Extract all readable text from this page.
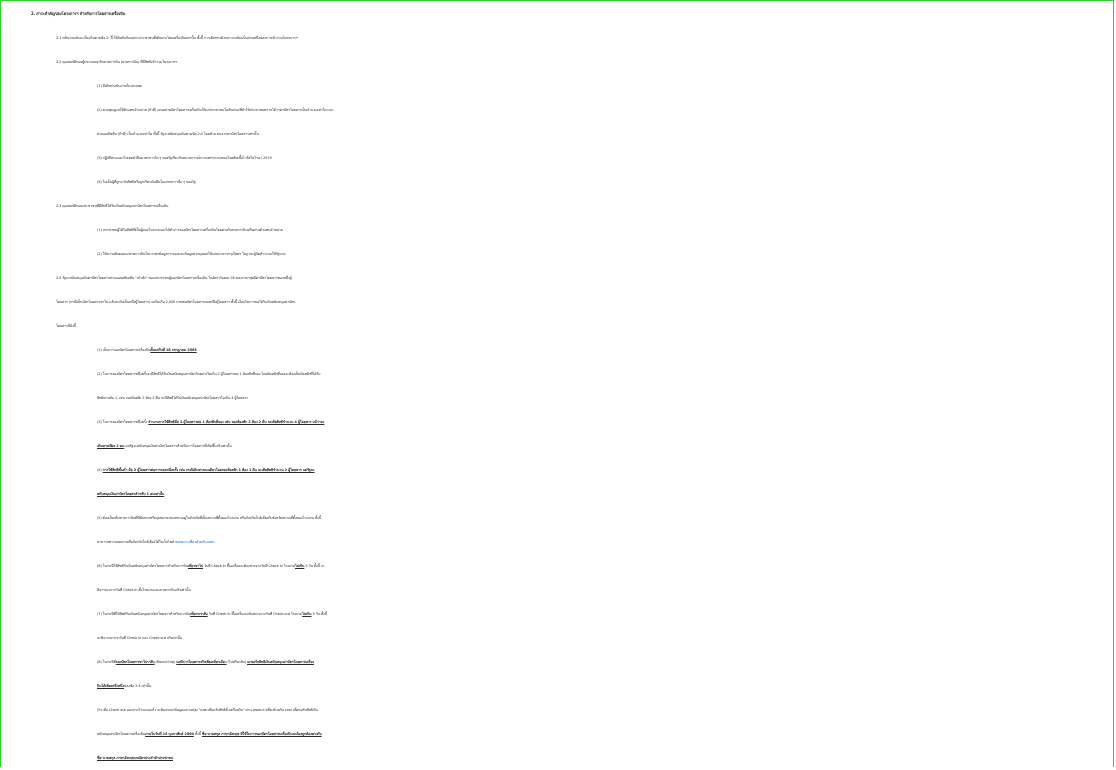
2. สาระสำคัญของโครงการฯ สำหรับการโดยสารเครื่องบิน
2.1 หลักเกณฑ์และเงื่อนไขตามข้อ 2. นี้ ใช้บังคับกับเฉพาะประชาชนที่เดินทางโดยเครื่องบินเท่านั้น ทั้งนี้ การเดินทางดังกล่าวจะต้องเป็นส่วนหนึ่งของการเข้าร่วมโครงการฯ
2.2 คุณสมบัติของผู้ประกอบธุรกิจสายการบิน (สายการบิน) ที่มีสิทธิเข้าร่วมโครงการฯ
(1) มีเส้นทางบินภายในประเทศ
(2) ควบคุมดูแลให้ตัวแทนจำหน่าย (ถ้ามี) เสนอขายบัตรโดยสารเครื่องบินให้แก่ประชาชนในลักษณะที่ทำให้ประชาชนทราบได้ว่าค่าบัตรโดยสารเป็นจำนวนเท่าใด และ
ค่าคอมมิชชั่น (ถ้ามี) เป็นจำนวนเท่าใด ทั้งนี้ รัฐจะสนับสนุนเงินตามข้อ 2.4 โดยคำนวณจากค่าบัตรโดยสารเท่านั้น
(3) ปฏิบัติตามและไม่เคยฝ่าฝืนมาตรการใด ๆ ของรัฐเกี่ยวกับสถานการณ์การแพร่ระบาดของโรคติดเชื้อไวรัสโคโรนา 2019
(4) ไม่เป็นผู้ที่ถูกระงับสิทธิหรือถูกเรียกเงินคืนในมาตรการอื่น ๆ ของรัฐ
2.3 คุณสมบัติของประชาชนที่มีสิทธิได้รับเงินสนับสนุนค่าบัตรโดยสารเครื่องบิน
(1) ประชาชนผู้ได้รับสิทธิที่เป็นผู้จองโรงแรมและได้ทำการจองบัตรโดยสารเครื่องบินโดยตรงกับสายการบินหรือผ่านตัวแทนจำหน่าย
(2) ให้ความยินยอมแก่สายการบินในการส่งข้อมูลการจองและข้อมูลส่วนบุคคลให้แก่ธนาคารกรุงไทยฯ ในฐานะผู้จัดทำระบบให้รัฐบาล
2.4 รัฐจะสนับสนุนเงินค่าบัตรโดยสารผ่านแอปพลิเคชั่น “เป๋าตัง” ของประชาชนผู้จองบัตรโดยสารเครื่องบิน ในอัตราร้อยละ 40 ของราคาสุทธิค่าบัตรโดยสารของหนึ่งผู้
โดยสาร (กรณีเป็นบัตรโดยสารขาไป-กลับจะนับเป็นหนึ่งผู้โดยสาร) แต่ไม่เกิน 2,000 บาทต่อบัตรโดยสารของหนึ่งผู้โดยสาร ทั้งนี้ เงื่อนไขการขอได้รับเงินสนับสนุนค่าบัตร
โดยสารมีดังนี้
(1) เป็นการจองบัตรโดยสารเครื่องบินตั้งแต่วันที่ 18 กรกฎาคม 2563
(2) ในการจองบัตรโดยสารหนึ่งครั้งจะมีสิทธิได้รับเงินสนับสนุนค่าบัตรโดยสารไม่เกิน 2 ผู้โดยสารต่อ 1 ห้องพักที่จอง โดยห้องพักที่จองจะต้องเป็นห้องพักที่ได้รับ
สิทธิตามข้อ 1. เช่น จองห้องพัก 2 ห้อง 2 คืน จะมีสิทธิได้รับเงินสนับสนุนค่าบัตรโดยสารไม่เกิน 4 ผู้โดยสาร
(3) ในการจองบัตรโดยสารหนึ่งครั้ง จำนวนการใช้สิทธิคือ 2 ผู้โดยสารต่อ 1 ห้องพักที่จอง เช่น จองห้องพัก 2 ห้อง 2 คืน จะเสียสิทธิจำนวน 4 ผู้โดยสาร แม้ว่าจะ
เดินทางเพียง 2 คน แต่รัฐจะสนับสนุนเงินค่าบัตรโดยสารสำหรับการโดยสารที่เกิดขึ้นจริงเท่านั้น
(4) การใช้สิทธิขั้นต่ำ คือ 2 ผู้โดยสารต่อการจองหนึ่งครั้ง เช่น กรณีเดินทางคนเดียวโดยจองห้องพัก 1 ห้อง 1 คืน จะเสียสิทธิจำนวน 2 ผู้โดยสาร แต่รัฐจะ
สนับสนุนเงินค่าบัตรโดยสาสำหรับ 1 คนเท่านั้น
(5) ต้องเป็นเส้นทางการบินที่มีต้นทางหรือจุดหมายปลายทางอยู่ในจังหวัดที่เป็นสถานที่ตั้งของโรงแรม หรือจังหวัดใกล้เคียงกับจังหวัดสถานที่ตั้งของโรงแรม ทั้งนี้
สามารถตรวจสอบรายชื่อจังหวัดใกล้เคียงได้ในเว็บไซต์ www.เราเที่ยวด้วยกัน.com
(6) ในกรณีใช้สิทธิรับเงินสนับสนุนค่าบัตรโดยสารสำหรับการบินเที่ยวขาไป วันที่ Check in ขึ้นเครื่องจะต้องห่างจากวันที่ Check in โรงแรมไม่เกิน 5 วัน ทั้งนี้ จะ
พิจารณาจากวันที่ Check in ทั้งโรงแรมและสายการบินจริงเท่านั้น
(7) ในกรณีที่ใช้สิทธิรับเงินสนับสนุนค่าบัตรโดยสารสำหรับการบินเที่ยวขากลับ วันที่ Check in ขึ้นเครื่องจะต้องห่างจากวันที่ Check out โรงแรมไม่เกิน 5 วัน ทั้งนี้
จะพิจารณาจากวันที่ Check in และ Check out จริงเท่านั้น
(8) ในกรณีที่จองบัตรโดยสารขาไป-กลับ (Round trip) แต่มีการโดยสารจริงเพียงเที่ยวเดียว (ไปหรือกลับ) จะขอรับสิทธิเงินสนับสนุนค่าบัตรโดยสารเครื่อง
บินได้เพียงครึ่งหนึ่งของข้อ 2.4 เท่านั้น
(9) เมื่อ Check out ออกจากโรงแรมแล้ว จะต้องกรอกข้อมูลและกดปุ่ม “ลงทะเบียนรับสิทธิตั๋วเครื่องบิน” ผ่าน www.เราเที่ยวด้วยกัน.com เพื่อขอรับสิทธิเงิน
สนับสนุนค่าบัตรโดยสารเครื่องบินภายในวันที่ 15 กุมภาพันธ์ 2564 ทั้งนี้ ชื่อ-นามสกุล ภาษาอังกฤษ ที่ใช้ในการจองบัตรโดยสารเครื่องบินจะต้องถูกต้องตรงกับ
ชื่อ-นามสกุล ภาษาอังกฤษบนบัตรประจำตัวประชาชน
